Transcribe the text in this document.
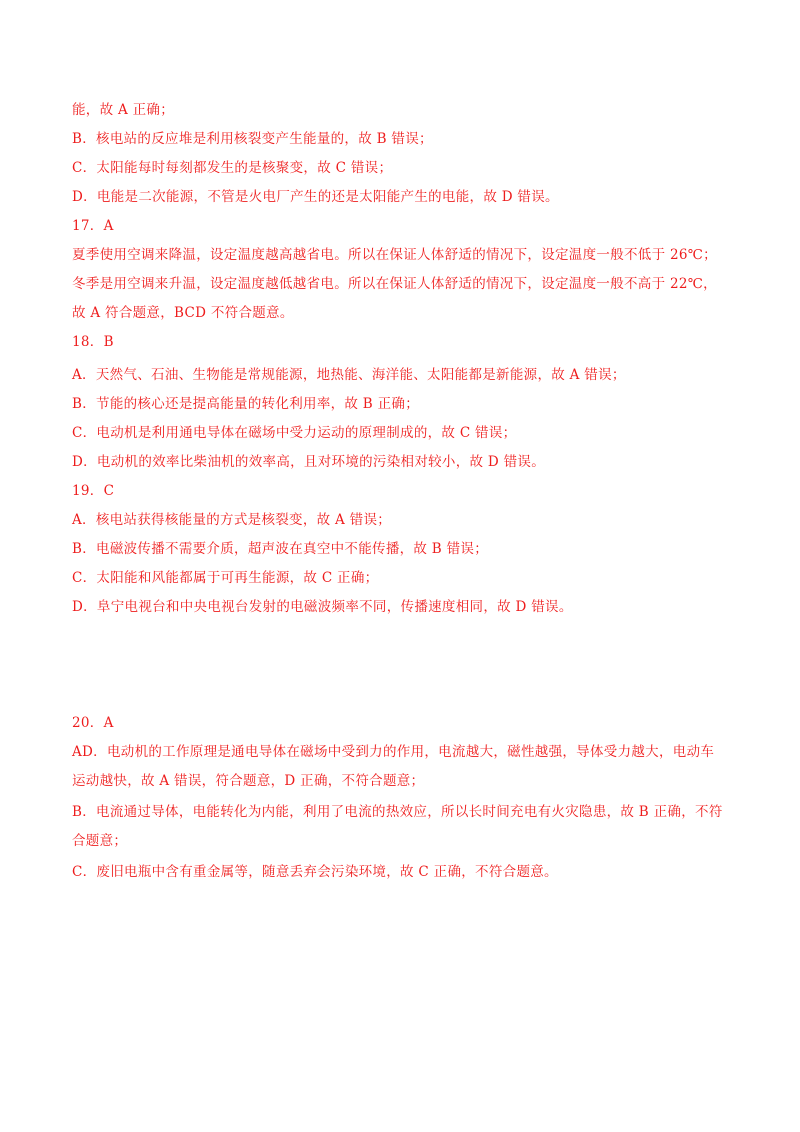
能，故 A 正确；
B．核电站的反应堆是利用核裂变产生能量的，故 B 错误；
C．太阳能每时每刻都发生的是核聚变，故 C 错误；
D．电能是二次能源，不管是火电厂产生的还是太阳能产生的电能，故 D 错误。
17．A
夏季使用空调来降温，设定温度越高越省电。所以在保证人体舒适的情况下，设定温度一般不低于 26℃；
冬季是用空调来升温，设定温度越低越省电。所以在保证人体舒适的情况下，设定温度一般不高于 22℃，
故 A 符合题意，BCD 不符合题意。
18．B
A．天然气、石油、生物能是常规能源，地热能、海洋能、太阳能都是新能源，故 A 错误；
B．节能的核心还是提高能量的转化利用率，故 B 正确；
C．电动机是利用通电导体在磁场中受力运动的原理制成的，故 C 错误；
D．电动机的效率比柴油机的效率高，且对环境的污染相对较小，故 D 错误。
19．C
A．核电站获得核能量的方式是核裂变，故 A 错误；
B．电磁波传播不需要介质，超声波在真空中不能传播，故 B 错误；
C．太阳能和风能都属于可再生能源，故 C 正确；
D．阜宁电视台和中央电视台发射的电磁波频率不同，传播速度相同，故 D 错误。
20．A
AD．电动机的工作原理是通电导体在磁场中受到力的作用，电流越大，磁性越强，导体受力越大，电动车
运动越快，故 A 错误，符合题意，D 正确，不符合题意；
B．电流通过导体，电能转化为内能，利用了电流的热效应，所以长时间充电有火灾隐患，故 B 正确，不符
合题意；
C．废旧电瓶中含有重金属等，随意丢弃会污染环境，故 C 正确，不符合题意。
